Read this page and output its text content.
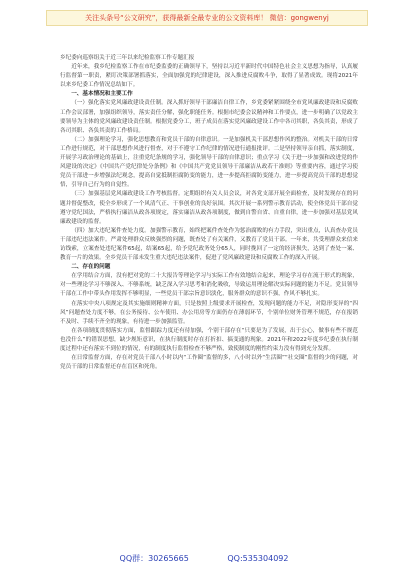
关注头条号“公文研究”，获得最新全最专业的公文资料库！ 微信：gongwenyj

乡纪委向巡察组关于近三年以来纪检监察工作专题汇报

近年来，我乡纪检监察工作在市纪委监委的正确领导下，坚持以习近平新时代中国特色社会主义思想为指导，认真履行监督第一职责，紧盯决策部署抓落实，全面加强党的纪律建设，深入推进反腐败斗争，取得了显著成效。现将2021年以来乡纪委工作情况总结如下。

一、基本情况和主要工作

（一）强化落实党风廉政建设责任制。深入抓好领导干部廉洁自律工作，乡党委紧紧围绕全市党风廉政建设和反腐败工作会议部署，加强组织领导，落实责任分解，强化职能任务。根据市纪委会议精神和工作要点，进一步明确了以党政主要领导为主体的党风廉政建设责任制。根据党委分工，班子成员在落实党风廉政建设工作中各司其职，各负其责，形成了各司其职、各负其责的工作格局。

（二）加强理论学习，强化思想教育和党员干部的自律意识。一是加强机关干部思想作风的整治。对机关干部的日常工作进行规范，对干部思想作风进行督查，对于不遵守工作纪律的情况进行通报批评。二是坚持领导亲自抓，落实制度，开展学习政治理论的基础上，注重党纪条规的学习，强化领导干部的自律意识；重点学习《关于进一步加强和改进党的作风建设的决定》《中国共产党纪律处分条例》和《中国共产党党员领导干部廉洁从政若干准则》等重要内容，通过学习使党员干部进一步增强法纪观念，提高自觉抵制拒腐防变的能力，进一步提高拒腐防变能力，进一步提高党员干部的思想觉悟，引导自己行为的自觉性。

（三）加强基层党风廉政建设工作考核监督。定期组织有关人员会议，对各党支部开展全面检查，及时发现存在的问题并督促整改，使全乡形成了一个风清气正、干事创业的良好氛围。其次开展一系列警示教育活动，使全体党员干部自觉遵守党纪国法，严格执行廉洁从政各项规定，落实廉洁从政各项制度，做到自警自省、自重自律，进一步加强对基层党风廉政建设的监督。

（四）加大违纪案件查处力度。加强警示教育，始终把案件查处作为惩治腐败的有力手段，突出重点，认真查办党员干部违纪违法案件。严肃处理群众反映强烈的问题，既查处了有关案件，又教育了党员干部。一年来，共受理群众来信来访线索，立案查处违纪案件65起，结案65起，给予党纪政务处分65人，同时挽回了一定的经济损失，达到了查处一案、教育一片的效果。全乡党员干部未发生重大违纪违法案件，促进了党风廉政建设和反腐败工作的深入开展。

二、存在的问题

在学用结合方面，没有把对党的二十大报告等理论学习与实际工作有效地结合起来，理论学习存在流于形式的现象，对一些理论学习不够深入、不够系统，缺乏深入学习思考和消化吸收，导致运用理论解决实际问题的能力不足。党员领导干部在工作中带头作用发挥不够明显，一些党员干部宗旨意识淡化，服务群众的意识不强，作风不够扎实。

在落实中央八项规定及其实施细则精神方面，只是按照上级要求开展检查，发现问题的能力不足，对隐形变异的“四风”问题查处力度不够，在公务接待、公车使用、办公用房等方面仍存在薄弱环节，个别单位财务管理不规范，存在报销不及时、手续不齐全的现象，有待进一步加强监管。

在各项制度贯彻落实方面，监督跟踪力度还有待加强，个别干部存在“只要是为了发展，出于公心，做事有些不规范也没什么”的错误思想，缺少规矩意识，在执行制度时存在打折扣、搞变通的现象。2021年和2022年度乡纪委在执行制度过程中还有落实不到位的情况，有的制度执行监督检查不够严格，致使制度的刚性约束力没有得到充分发挥。

在日常监督方面，存在对党员干部八小时以内“工作圈”监督的多，八小时以外“生活圈”“社交圈”监督的少的问题，对党员干部的日常监督还存在盲区和死角。

QQ群：30265665	QQ:535304092
